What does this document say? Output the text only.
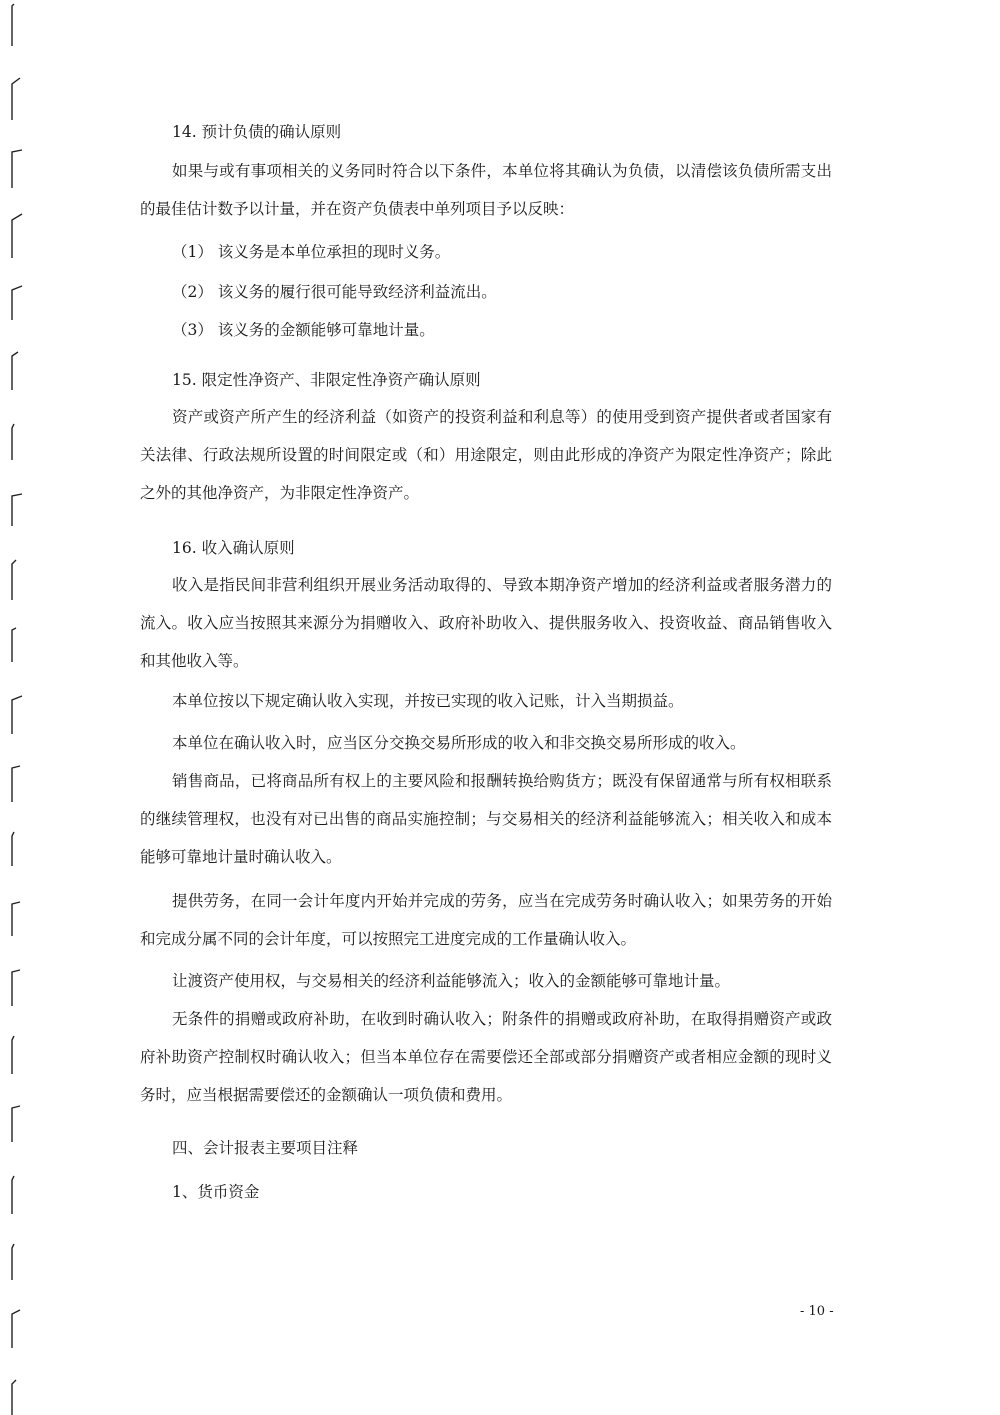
14. 预计负债的确认原则
如果与或有事项相关的义务同时符合以下条件，本单位将其确认为负债，以清偿该负债所需支出的最佳估计数予以计量，并在资产负债表中单列项目予以反映：
（1） 该义务是本单位承担的现时义务。
（2） 该义务的履行很可能导致经济利益流出。
（3） 该义务的金额能够可靠地计量。
15. 限定性净资产、非限定性净资产确认原则
资产或资产所产生的经济利益（如资产的投资利益和利息等）的使用受到资产提供者或者国家有关法律、行政法规所设置的时间限定或（和）用途限定，则由此形成的净资产为限定性净资产；除此之外的其他净资产，为非限定性净资产。
16. 收入确认原则
收入是指民间非营利组织开展业务活动取得的、导致本期净资产增加的经济利益或者服务潜力的流入。收入应当按照其来源分为捐赠收入、政府补助收入、提供服务收入、投资收益、商品销售收入和其他收入等。
本单位按以下规定确认收入实现，并按已实现的收入记账，计入当期损益。
本单位在确认收入时，应当区分交换交易所形成的收入和非交换交易所形成的收入。
销售商品，已将商品所有权上的主要风险和报酬转换给购货方；既没有保留通常与所有权相联系的继续管理权，也没有对已出售的商品实施控制；与交易相关的经济利益能够流入；相关收入和成本能够可靠地计量时确认收入。
提供劳务，在同一会计年度内开始并完成的劳务，应当在完成劳务时确认收入；如果劳务的开始和完成分属不同的会计年度，可以按照完工进度完成的工作量确认收入。
让渡资产使用权，与交易相关的经济利益能够流入；收入的金额能够可靠地计量。
无条件的捐赠或政府补助，在收到时确认收入；附条件的捐赠或政府补助，在取得捐赠资产或政府补助资产控制权时确认收入；但当本单位存在需要偿还全部或部分捐赠资产或者相应金额的现时义务时，应当根据需要偿还的金额确认一项负债和费用。
四、会计报表主要项目注释
1、货币资金
- 10 -
